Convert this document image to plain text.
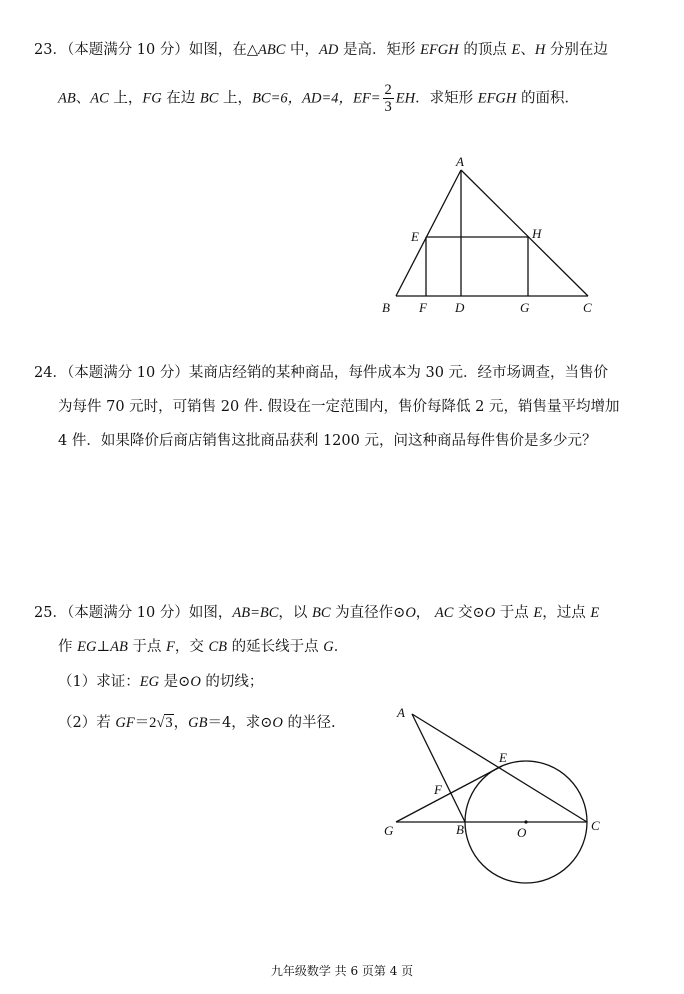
23．（本题满分 10 分）如图，在△ABC 中，AD 是高．矩形 EFGH 的顶点 E、H 分别在边
AB、AC 上，FG 在边 BC 上，BC=6，AD=4，$EF= \frac{2}{3}$ EH．求矩形 EFGH 的面积．
A
E	H
B F D	G	C
24．（本题满分 10 分）某商店经销的某种商品，每件成本为 30 元．经市场调查，当售价
为每件 70 元时，可销售 20 件. 假设在一定范围内，售价每降低 2 元，销售量平均增加
4 件．如果降价后商店销售这批商品获利 1200 元，问这种商品每件售价是多少元？
25．（本题满分 10 分）如图，AB=BC，以 BC 为直径作⊙O， AC 交⊙O 于点 E，过点 E
作 EG⊥AB 于点 F，交 CB 的延长线于点 G．
（1）求证：EG 是⊙O 的切线；
（2）若 GF＝2√3，GB＝4，求⊙O 的半径.
A
E
F
G	B	O	C
九年级数学 共 6 页第 4 页
